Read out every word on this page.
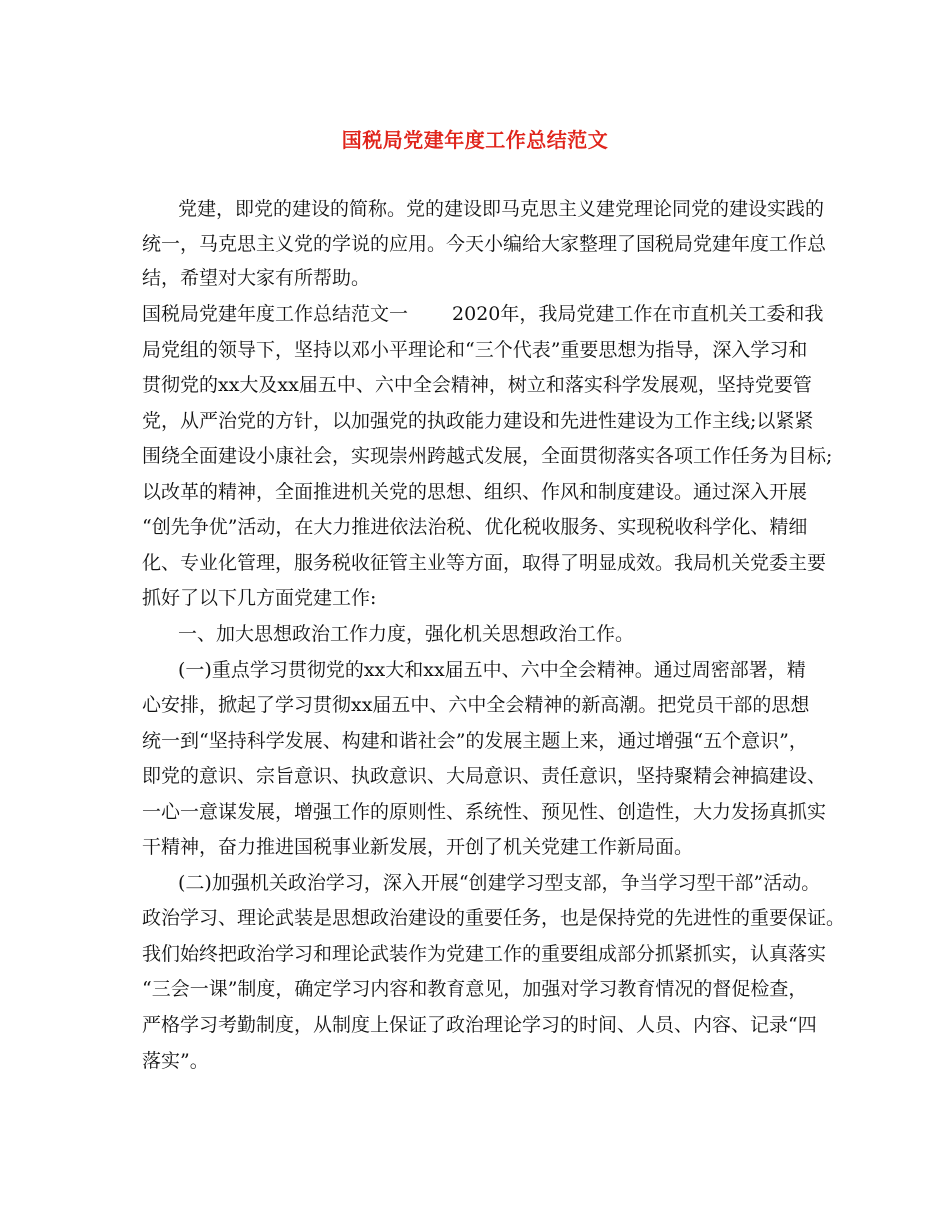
国税局党建年度工作总结范文
党建，即党的建设的简称。党的建设即马克思主义建党理论同党的建设实践的
统一，马克思主义党的学说的应用。今天小编给大家整理了国税局党建年度工作总
结，希望对大家有所帮助。
国税局党建年度工作总结范文一　　 2020年，我局党建工作在市直机关工委和我
局党组的领导下，坚持以邓小平理论和“三个代表”重要思想为指导，深入学习和
贯彻党的xx大及xx届五中、六中全会精神，树立和落实科学发展观，坚持党要管
党，从严治党的方针，以加强党的执政能力建设和先进性建设为工作主线;以紧紧
围绕全面建设小康社会，实现崇州跨越式发展，全面贯彻落实各项工作任务为目标;
以改革的精神，全面推进机关党的思想、组织、作风和制度建设。通过深入开展
“创先争优”活动，在大力推进依法治税、优化税收服务、实现税收科学化、精细
化、专业化管理，服务税收征管主业等方面，取得了明显成效。我局机关党委主要
抓好了以下几方面党建工作:
一、加大思想政治工作力度，强化机关思想政治工作。
(一)重点学习贯彻党的xx大和xx届五中、六中全会精神。通过周密部署，精
心安排，掀起了学习贯彻xx届五中、六中全会精神的新高潮。把党员干部的思想
统一到“坚持科学发展、构建和谐社会”的发展主题上来，通过增强“五个意识”，
即党的意识、宗旨意识、执政意识、大局意识、责任意识，坚持聚精会神搞建设、
一心一意谋发展，增强工作的原则性、系统性、预见性、创造性，大力发扬真抓实
干精神，奋力推进国税事业新发展，开创了机关党建工作新局面。
(二)加强机关政治学习，深入开展“创建学习型支部，争当学习型干部”活动。
政治学习、理论武装是思想政治建设的重要任务，也是保持党的先进性的重要保证。
我们始终把政治学习和理论武装作为党建工作的重要组成部分抓紧抓实，认真落实
“三会一课”制度，确定学习内容和教育意见，加强对学习教育情况的督促检查，
严格学习考勤制度，从制度上保证了政治理论学习的时间、人员、内容、记录“四
落实”。
